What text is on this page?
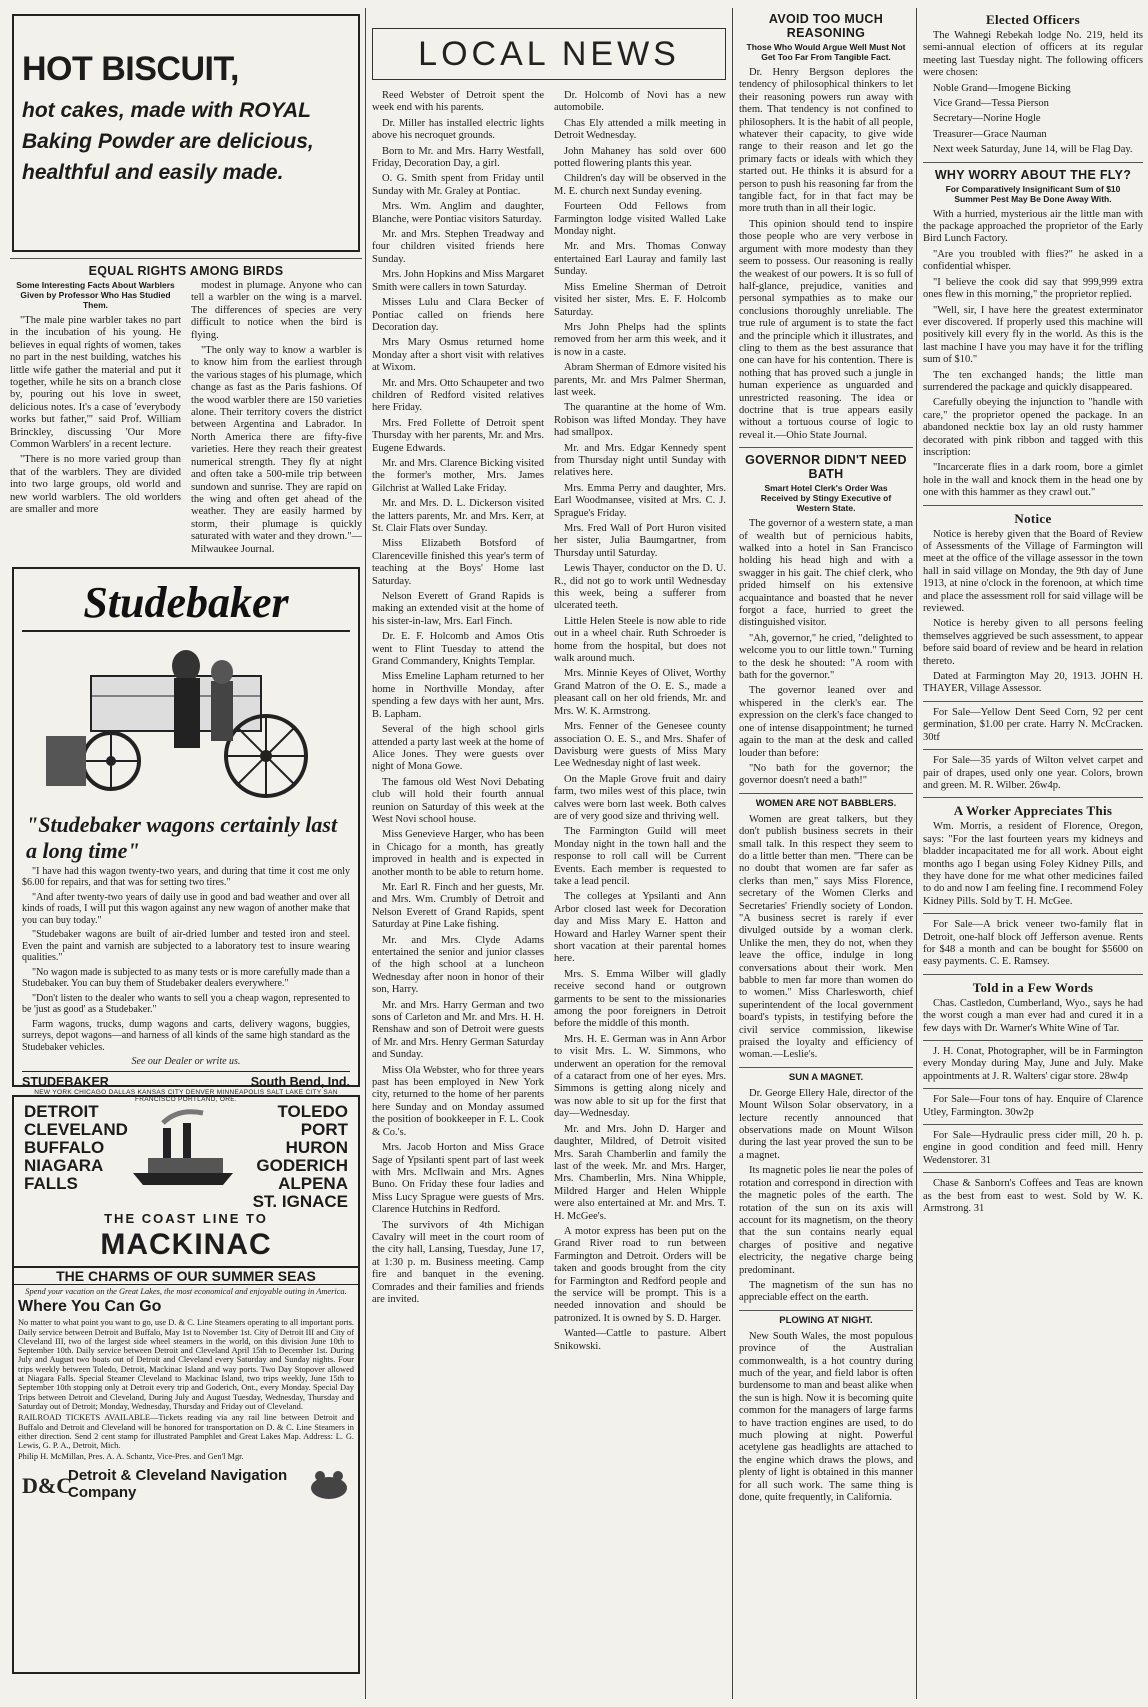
HOT BISCUIT,
hot cakes, made with ROYAL Baking Powder are delicious, healthful and easily made.
EQUAL RIGHTS AMONG BIRDS
Some Interesting Facts About Warblers Given by Professor Who Has Studied Them.

"The male pine warbler takes no part in the incubation of his young. He believes in equal rights of women, takes no part in the nest building, watches his little wife gather the material and put it together, while he sits on a branch close by, pouring out his love in sweet, delicious notes. It's a case of 'everybody works but father,'" said Prof. William Brinckley, discussing 'Our More Common Warblers' in a recent lecture.

"There is no more varied group than that of the warblers. They are divided into two large groups, old world and new world warblers. The old worlders are smaller and more

modest in plumage. Anyone who can tell a warbler on the wing is a marvel. The differences of species are very difficult to notice when the bird is flying.

"The only way to know a warbler is to know him from the earliest through the various stages of his plumage, which change as fast as the Paris fashions. Of the wood warbler there are 150 varieties alone. Their territory covers the district between Argentina and Labrador. In North America there are fifty-five varieties. Here they reach their greatest numerical strength. They fly at night and often take a 500-mile trip between sundown and sunrise. They are rapid on the wing and often get ahead of the weather. They are easily harmed by storm, their plumage is quickly saturated with water and they drown."—Milwaukee Journal.

Studebaker
"Studebaker wagons certainly last a long time"

"I have had this wagon twenty-two years, and during that time it cost me only $6.00 for repairs, and that was for setting two tires."

"And after twenty-two years of daily use in good and bad weather and over all kinds of roads, I will put this wagon against any new wagon of another make that you can buy today."

"Studebaker wagons are built of air-dried lumber and tested iron and steel. Even the paint and varnish are subjected to a laboratory test to insure wearing qualities."

"No wagon made is subjected to as many tests or is more carefully made than a Studebaker. You can buy them of Studebaker dealers everywhere."

"Don't listen to the dealer who wants to sell you a cheap wagon, represented to be 'just as good' as a Studebaker."

Farm wagons, trucks, dump wagons and carts, delivery wagons, buggies, surreys, depot wagons—and harness of all kinds of the same high standard as the Studebaker vehicles.

See our Dealer or write us.
STUDEBAKER	South Bend, Ind.
NEW YORK CHICAGO DALLAS KANSAS CITY DENVER MINNEAPOLIS SALT LAKE CITY SAN FRANCISCO PORTLAND, ORE.
DETROIT
CLEVELAND
BUFFALO
NIAGARA
FALLS
TOLEDO
PORT HURON
GODERICH
ALPENA
ST. IGNACE
THE COAST LINE TO
MACKINAC
THE CHARMS OF OUR SUMMER SEAS

Spend your vacation on the Great Lakes, the most economical and enjoyable outing in America.

Where You Can Go

No matter to what point you want to go, use D. & C. Line Steamers operating to all important ports. Daily service between Detroit and Buffalo, May 1st to November 1st. City of Detroit III and City of Cleveland III, two of the largest side wheel steamers in the world, on this division June 10th to September 10th. Daily service between Detroit and Cleveland April 15th to December 1st. During July and August two boats out of Detroit and Cleveland every Saturday and Sunday nights. Four trips weekly between Toledo, Detroit, Mackinac Island and way ports. Two Day Stopover allowed at Niagara Falls. Special Steamer Cleveland to Mackinac Island, two trips weekly, June 15th to September 10th stopping only at Detroit every trip and Goderich, Ont., every Monday. Special Day Trips between Detroit and Cleveland, During July and August Tuesday, Wednesday, Thursday and Saturday out of Detroit; Monday, Wednesday, Thursday and Friday out of Cleveland.

RAILROAD TICKETS AVAILABLE—Tickets reading via any rail line between Detroit and Buffalo and Detroit and Cleveland will be honored for transportation on D. & C. Line Steamers in either direction. Send 2 cent stamp for illustrated Pamphlet and Great Lakes Map. Address: L. G. Lewis, G. P. A., Detroit, Mich.

Philip H. McMillan, Pres. A. A. Schantz, Vice-Pres. and Gen'l Mgr.

D&C
Detroit & Cleveland Navigation Company
LOCAL NEWS

Reed Webster of Detroit spent the week end with his parents.

Dr. Miller has installed electric lights above his necroquet grounds.

Born to Mr. and Mrs. Harry Westfall, Friday, Decoration Day, a girl.

O. G. Smith spent from Friday until Sunday with Mr. Graley at Pontiac.

Mrs. Wm. Anglim and daughter, Blanche, were Pontiac visitors Saturday.

Mr. and Mrs. Stephen Treadway and four children visited friends here Sunday.

Mrs. John Hopkins and Miss Margaret Smith were callers in town Saturday.

Misses Lulu and Clara Becker of Pontiac called on friends here Decoration day.

Mrs Mary Osmus returned home Monday after a short visit with relatives at Wixom.

Mr. and Mrs. Otto Schaupeter and two children of Redford visited relatives here Friday.

Mrs. Fred Follette of Detroit spent Thursday with her parents, Mr. and Mrs. Eugene Edwards.

Mr. and Mrs. Clarence Bicking visited the former's mother, Mrs. James Gilchrist at Walled Lake Friday.

Mr. and Mrs. D. L. Dickerson visited the latters parents, Mr. and Mrs. Kerr, at St. Clair Flats over Sunday.

Miss Elizabeth Botsford of Clarenceville finished this year's term of teaching at the Boys' Home last Saturday.

Nelson Everett of Grand Rapids is making an extended visit at the home of his sister-in-law, Mrs. Earl Finch.

Dr. E. F. Holcomb and Amos Otis went to Flint Tuesday to attend the Grand Commandery, Knights Templar.

Miss Emeline Lapham returned to her home in Northville Monday, after spending a few days with her aunt, Mrs. B. Lapham.

Several of the high school girls attended a party last week at the home of Alice Jones. They were guests over night of Mona Gowe.

The famous old West Novi Debating club will hold their fourth annual reunion on Saturday of this week at the West Novi school house.

Miss Genevieve Harger, who has been in Chicago for a month, has greatly improved in health and is expected in another month to be able to return home.

Mr. Earl R. Finch and her guests, Mr. and Mrs. Wm. Crumbly of Detroit and Nelson Everett of Grand Rapids, spent Saturday at Pine Lake fishing.

Mr. and Mrs. Clyde Adams entertained the senior and junior classes of the high school at a luncheon Wednesday after noon in honor of their son, Harry.

Mr. and Mrs. Harry German and two sons of Carleton and Mr. and Mrs. H. H. Renshaw and son of Detroit were guests of Mr. and Mrs. Henry German Saturday and Sunday.

Miss Ola Webster, who for three years past has been employed in New York city, returned to the home of her parents here Sunday and on Monday assumed the position of bookkeeper in F. L. Cook & Co.'s.

Mrs. Jacob Horton and Miss Grace Sage of Ypsilanti spent part of last week with Mrs. McIlwain and Mrs. Agnes Buno. On Friday these four ladies and Miss Lucy Sprague were guests of Mrs. Clarence Hutchins in Redford.

The survivors of 4th Michigan Cavalry will meet in the court room of the city hall, Lansing, Tuesday, June 17, at 1:30 p. m. Business meeting. Camp fire and banquet in the evening. Comrades and their families and friends are invited.

Dr. Holcomb of Novi has a new automobile.

Chas Ely attended a milk meeting in Detroit Wednesday.

John Mahaney has sold over 600 potted flowering plants this year.

Children's day will be observed in the M. E. church next Sunday evening.

Fourteen Odd Fellows from Farmington lodge visited Walled Lake Monday night.

Mr. and Mrs. Thomas Conway entertained Earl Lauray and family last Sunday.

Miss Emeline Sherman of Detroit visited her sister, Mrs. E. F. Holcomb Saturday.

Mrs John Phelps had the splints removed from her arm this week, and it is now in a caste.

Abram Sherman of Edmore visited his parents, Mr. and Mrs Palmer Sherman, last week.

The quarantine at the home of Wm. Robison was lifted Monday. They have had smallpox.

Mr. and Mrs. Edgar Kennedy spent from Thursday night until Sunday with relatives here.

Mrs. Emma Perry and daughter, Mrs. Earl Woodmansee, visited at Mrs. C. J. Sprague's Friday.

Mrs. Fred Wall of Port Huron visited her sister, Julia Baumgartner, from Thursday until Saturday.

Lewis Thayer, conductor on the D. U. R., did not go to work until Wednesday this week, being a sufferer from ulcerated teeth.

Little Helen Steele is now able to ride out in a wheel chair. Ruth Schroeder is home from the hospital, but does not walk around much.

Mrs. Minnie Keyes of Olivet, Worthy Grand Matron of the O. E. S., made a pleasant call on her old friends, Mr. and Mrs. W. K. Armstrong.

Mrs. Fenner of the Genesee county association O. E. S., and Mrs. Shafer of Davisburg were guests of Miss Mary Lee Wednesday night of last week.

On the Maple Grove fruit and dairy farm, two miles west of this place, twin calves were born last week. Both calves are of very good size and thriving well.

The Farmington Guild will meet Monday night in the town hall and the response to roll call will be Current Events. Each member is requested to take a lead pencil.

The colleges at Ypsilanti and Ann Arbor closed last week for Decoration day and Miss Mary E. Hatton and Howard and Harley Warner spent their short vacation at their parental homes here.

Mrs. S. Emma Wilber will gladly receive second hand or outgrown garments to be sent to the missionaries among the poor foreigners in Detroit before the middle of this month.

Mrs. H. E. German was in Ann Arbor to visit Mrs. L. W. Simmons, who underwent an operation for the removal of a cataract from one of her eyes. Mrs. Simmons is getting along nicely and was now able to sit up for the first that day—Wednesday.

Mr. and Mrs. John D. Harger and daughter, Mildred, of Detroit visited Mrs. Sarah Chamberlin and family the last of the week. Mr. and Mrs. Harger, Mrs. Chamberlin, Mrs. Nina Whipple, Mildred Harger and Helen Whipple were also entertained at Mr. and Mrs. T. H. McGee's.

A motor express has been put on the Grand River road to run between Farmington and Detroit. Orders will be taken and goods brought from the city for Farmington and Redford people and the service will be prompt. This is a needed innovation and should be patronized. It is owned by S. D. Harger.

Wanted—Cattle to pasture. Albert Snikowski.

AVOID TOO MUCH REASONING
Those Who Would Argue Well Must Not Get Too Far From Tangible Fact.

Dr. Henry Bergson deplores the tendency of philosophical thinkers to let their reasoning powers run away with them. That tendency is not confined to philosophers. It is the habit of all people, whatever their capacity, to give wide range to their reason and let go the primary facts or ideals with which they started out. He thinks it is absurd for a person to push his reasoning far from the tangible fact, for in that fact may be more truth than in all their logic.

This opinion should tend to inspire those people who are very verbose in argument with more modesty than they seem to possess. Our reasoning is really the weakest of our powers. It is so full of half-glance, prejudice, vanities and personal sympathies as to make our conclusions thoroughly unreliable. The true rule of argument is to state the fact and the principle which it illustrates, and cling to them as the best assurance that one can have for his contention. There is nothing that has proved such a jungle in human experience as unguarded and unrestricted reasoning. The idea or doctrine that is true appears easily without a tortuous course of logic to reveal it.—Ohio State Journal.

GOVERNOR DIDN'T NEED BATH
Smart Hotel Clerk's Order Was Received by Stingy Executive of Western State.

The governor of a western state, a man of wealth but of pernicious habits, walked into a hotel in San Francisco holding his head high and with a swagger in his gait. The chief clerk, who prided himself on his extensive acquaintance and boasted that he never forgot a face, hurried to greet the distinguished visitor.

"Ah, governor," he cried, "delighted to welcome you to our little town." Turning to the desk he shouted: "A room with bath for the governor."

The governor leaned over and whispered in the clerk's ear. The expression on the clerk's face changed to one of intense disappointment; he turned again to the man at the desk and called louder than before:

"No bath for the governor; the governor doesn't need a bath!"

WOMEN ARE NOT BABBLERS.

Women are great talkers, but they don't publish business secrets in their small talk. In this respect they seem to do a little better than men. "There can be no doubt that women are far safer as clerks than men," says Miss Florence, secretary of the Women Clerks and Secretaries' Friendly society of London. "A business secret is rarely if ever divulged outside by a woman clerk. Unlike the men, they do not, when they leave the office, indulge in long conversations about their work. Men babble to men far more than women do to women." Miss Charlesworth, chief superintendent of the local government board's typists, in testifying before the civil service commission, likewise praised the loyalty and efficiency of woman.—Leslie's.

SUN A MAGNET.

Dr. George Ellery Hale, director of the Mount Wilson Solar observatory, in a lecture recently announced that observations made on Mount Wilson during the last year proved the sun to be a magnet.

Its magnetic poles lie near the poles of rotation and correspond in direction with the magnetic poles of the earth. The rotation of the sun on its axis will account for its magnetism, on the theory that the sun contains nearly equal charges of positive and negative electricity, the negative charge being predominant.

The magnetism of the sun has no appreciable effect on the earth.

PLOWING AT NIGHT.

New South Wales, the most populous province of the Australian commonwealth, is a hot country during much of the year, and field labor is often burdensome to man and beast alike when the sun is high. Now it is becoming quite common for the managers of large farms to have traction engines are used, to do much plowing at night. Powerful acetylene gas headlights are attached to the engine which draws the plows, and plenty of light is obtained in this manner for all such work. The same thing is done, quite frequently, in California.

Elected Officers

The Wahnegi Rebekah lodge No. 219, held its semi-annual election of officers at its regular meeting last Tuesday night. The following officers were chosen:

Noble Grand—Imogene Bicking

Vice Grand—Tessa Pierson

Secretary—Norine Hogle

Treasurer—Grace Nauman

Next week Saturday, June 14, will be Flag Day.

WHY WORRY ABOUT THE FLY?
For Comparatively Insignificant Sum of $10 Summer Pest May Be Done Away With.

With a hurried, mysterious air the little man with the package approached the proprietor of the Early Bird Lunch Factory.

"Are you troubled with flies?" he asked in a confidential whisper.

"I believe the cook did say that 999,999 extra ones flew in this morning," the proprietor replied.

"Well, sir, I have here the greatest exterminator ever discovered. If properly used this machine will positively kill every fly in the world. As this is the last machine I have you may have it for the trifling sum of $10."

The ten exchanged hands; the little man surrendered the package and quickly disappeared.

Carefully obeying the injunction to "handle with care," the proprietor opened the package. In an abandoned necktie box lay an old rusty hammer decorated with pink ribbon and tagged with this inscription:

"Incarcerate flies in a dark room, bore a gimlet hole in the wall and knock them in the head one by one with this hammer as they crawl out."

Notice

Notice is hereby given that the Board of Review of Assessments of the Village of Farmington will meet at the office of the village assessor in the town hall in said village on Monday, the 9th day of June 1913, at nine o'clock in the forenoon, at which time and place the assessment roll for said village will be reviewed.

Notice is hereby given to all persons feeling themselves aggrieved be such assessment, to appear before said board of review and be heard in relation thereto.

Dated at Farmington May 20, 1913. JOHN H. THAYER, Village Assessor.

For Sale—Yellow Dent Seed Corn, 92 per cent germination, $1.00 per crate. Harry N. McCracken. 30tf

For Sale—35 yards of Wilton velvet carpet and pair of drapes, used only one year. Colors, brown and green. M. R. Wilber. 26w4p.

A Worker Appreciates This

Wm. Morris, a resident of Florence, Oregon, says: "For the last fourteen years my kidneys and bladder incapacitated me for all work. About eight months ago I began using Foley Kidney Pills, and they have done for me what other medicines failed to do and now I am feeling fine. I recommend Foley Kidney Pills. Sold by T. H. McGee.

For Sale—A brick veneer two-family flat in Detroit, one-half block off Jefferson avenue. Rents for $48 a month and can be bought for $5600 on easy payments. C. E. Ramsey.

Told in a Few Words

Chas. Castledon, Cumberland, Wyo., says he had the worst cough a man ever had and cured it in a few days with Dr. Warner's White Wine of Tar.

J. H. Conat, Photographer, will be in Farmington every Monday during May, June and July. Make appointments at J. R. Walters' cigar store. 28w4p

For Sale—Four tons of hay. Enquire of Clarence Utley, Farmington. 30w2p

For Sale—Hydraulic press cider mill, 20 h. p. engine in good condition and feed mill. Henry Wedenstorer. 31

Chase & Sanborn's Coffees and Teas are known as the best from east to west. Sold by W. K. Armstrong. 31
